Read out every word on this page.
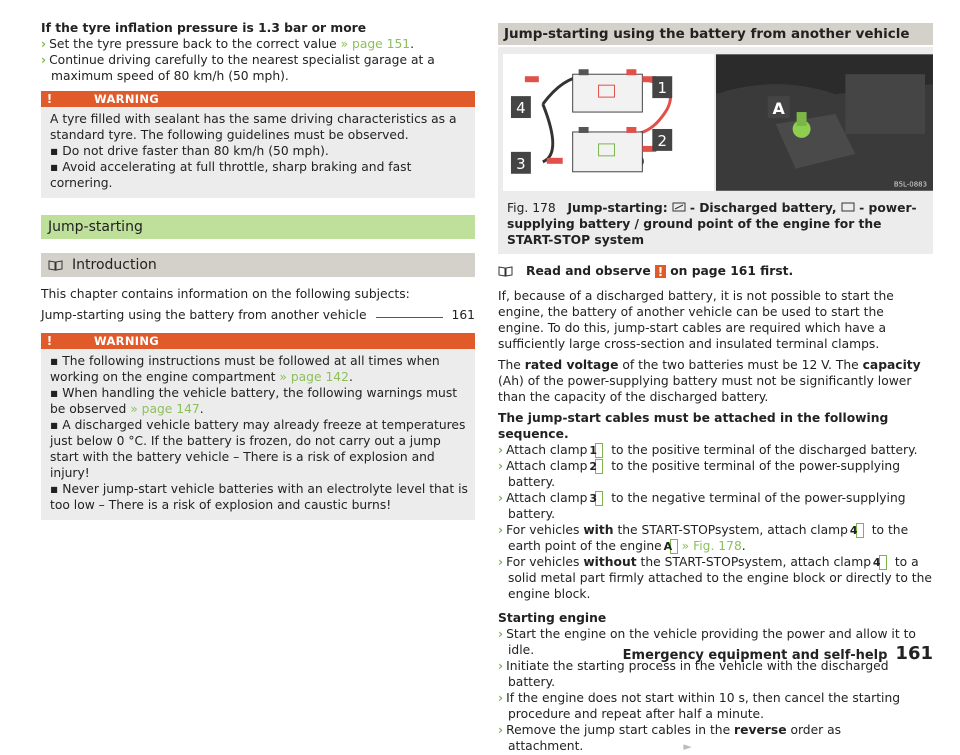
If the tyre inflation pressure is 1.3 bar or more

› Set the tyre pressure back to the correct value » page 151.
› Continue driving carefully to the nearest specialist garage at a maximum speed of 80 km/h (50 mph).
!	WARNING

A tyre filled with sealant has the same driving characteristics as a standard tyre. The following guidelines must be observed.

▪ Do not drive faster than 80 km/h (50 mph).

▪ Avoid accelerating at full throttle, sharp braking and fast cornering.

Jump-starting
Introduction

This chapter contains information on the following subjects:

Jump-starting using the battery from another vehicle	161
!	WARNING

▪ The following instructions must be followed at all times when working on the engine compartment » page 142.

▪ When handling the vehicle battery, the following warnings must be observed » page 147.

▪ A discharged vehicle battery may already freeze at temperatures just below 0 °C. If the battery is frozen, do not carry out a jump start with the battery vehicle – There is a risk of explosion and injury!

▪ Never jump-start vehicle batteries with an electrolyte level that is too low – There is a risk of explosion and caustic burns!

Jump-starting using the battery from another vehicle
1
2
3
4	A
B5L-0883
Fig. 178 Jump-starting:  - Discharged battery,  - power-supplying battery / ground point of the engine for the START-STOP system

Read and observe ! on page 161 first.

If, because of a discharged battery, it is not possible to start the engine, the battery of another vehicle can be used to start the engine. To do this, jump-start cables are required which have a sufficiently large cross-section and insulated terminal clamps.

The rated voltage of the two batteries must be 12 V. The capacity (Ah) of the power-supplying battery must not be significantly lower than the capacity of the discharged battery.

The jump-start cables must be attached in the following sequence.

› Attach clamp 1 to the positive terminal of the discharged battery.
› Attach clamp 2 to the positive terminal of the power-supplying battery.
› Attach clamp 3 to the negative terminal of the power-supplying battery.
› For vehicles with the START-STOPsystem, attach clamp 4 to the earth point of the engine A » Fig. 178.
› For vehicles without the START-STOPsystem, attach clamp 4 to a solid metal part firmly attached to the engine block or directly to the engine block.

Starting engine

› Start the engine on the vehicle providing the power and allow it to idle.
› Initiate the starting process in the vehicle with the discharged battery.
› If the engine does not start within 10 s, then cancel the starting procedure and repeat after half a minute.
› Remove the jump start cables in the reverse order as attachment.	►
Emergency equipment and self-help 161
